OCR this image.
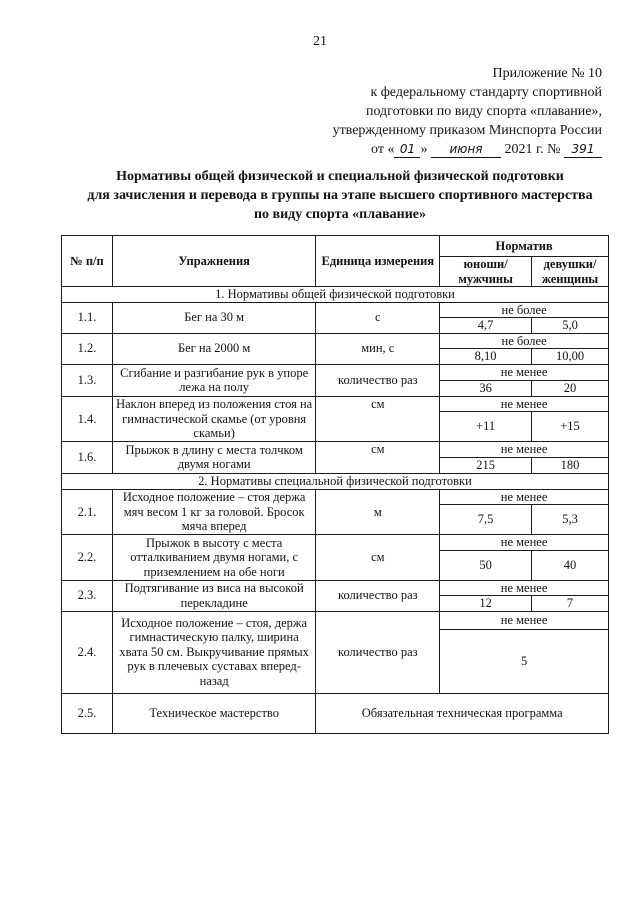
21
Приложение № 10
к федеральному стандарту спортивной
подготовки по виду спорта «плавание»,
утвержденному приказом Минспорта России
от « 01 » июня 2021 г. № 391
Нормативы общей физической и специальной физической подготовки
для зачисления и перевода в группы на этапе высшего спортивного мастерства
по виду спорта «плавание»
№ п/п	Упражнения	Единица измерения	Норматив	
			юноши/ мужчины	девушки/ женщины
1. Нормативы общей физической подготовки				
1.1.	Бег на 30 м	с	не более	
			4,7	5,0
1.2.	Бег на 2000 м	мин, с	не более	
			8,10	10,00
1.3.	Сгибание и разгибание рук в упоре лежа на полу	количество раз	не менее	
			36	20
1.4.	Наклон вперед из положения стоя на гимнастической скамье (от уровня скамьи)	см	не менее	
			+11	+15
1.6.	Прыжок в длину с места толчком двумя ногами	см	не менее	
			215	180
2. Нормативы специальной физической подготовки				
2.1.	Исходное положение – стоя держа мяч весом 1 кг за головой. Бросок мяча вперед	м	не менее	
			7,5	5,3
2.2.	Прыжок в высоту с места отталкиванием двумя ногами, с приземлением на обе ноги	см	не менее	
			50	40
2.3.	Подтягивание из виса на высокой перекладине	количество раз	не менее	
			12	7
2.4.	Исходное положение – стоя, держа гимнастическую палку, ширина хвата 50 см. Выкручивание прямых рук в плечевых суставах вперед-назад	количество раз	не менее	
			5	
2.5.	Техническое мастерство	Обязательная техническая программа		
